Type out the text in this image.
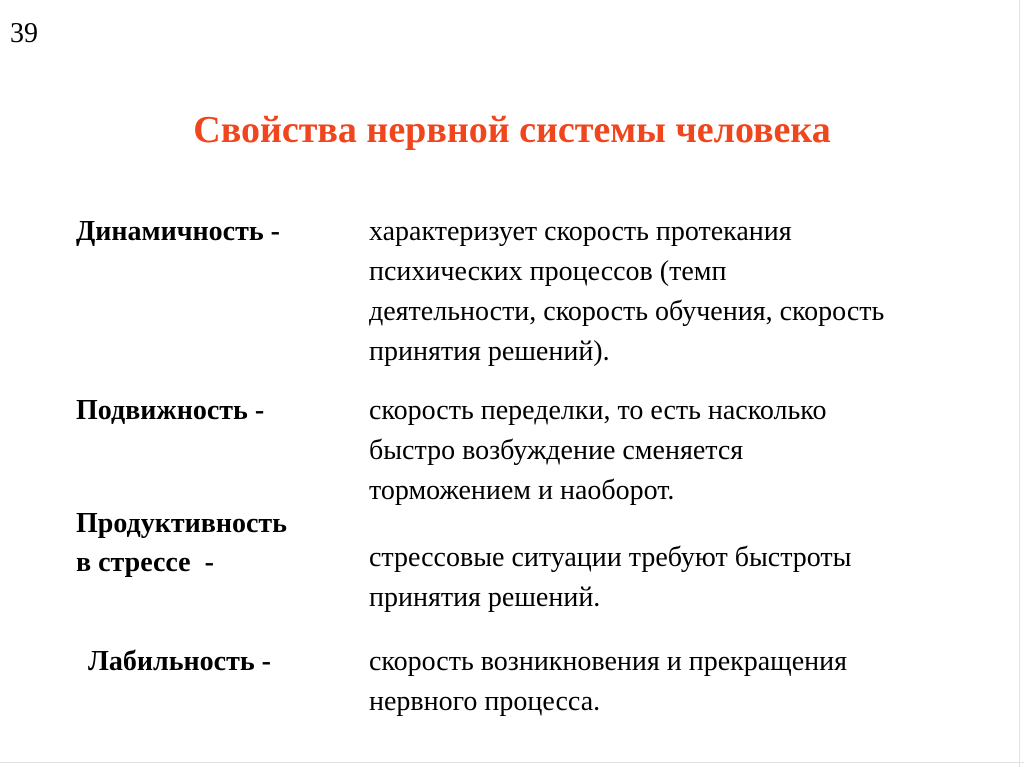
39
Свойства нервной системы человека
Динамичность -	характеризует скорость протекания
психических процессов (темп
деятельности, скорость обучения, скорость
принятия решений).
Подвижность -	скорость переделки, то есть насколько
быстро возбуждение сменяется
торможением и наоборот.
Продуктивность
в стрессе  -	стрессовые ситуации требуют быстроты
принятия решений.
Лабильность -	скорость возникновения и прекращения
нервного процесса.
